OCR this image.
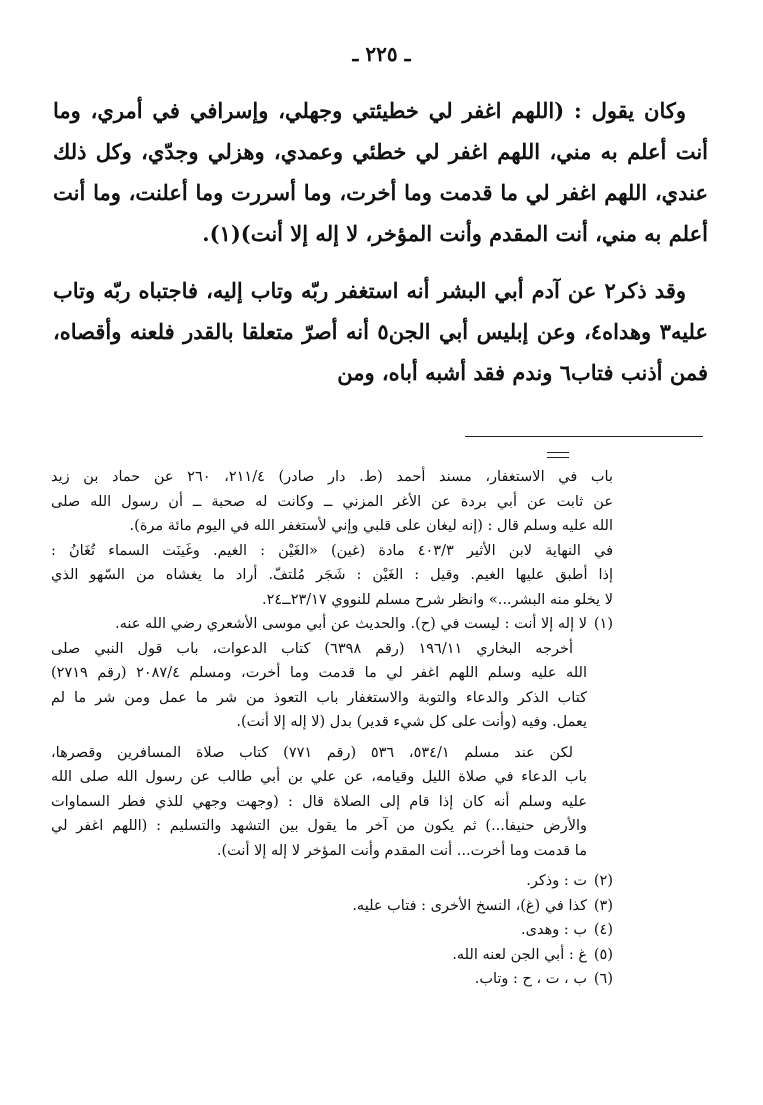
ـ ٢٢٥ ـ

وكان يقول : (اللهم اغفر لي خطيئتي وجهلي، وإسرافي في أمري، وما أنت أعلم به مني، اللهم اغفر لي خطئي وعمدي، وهزلي وجدّي، وكل ذلك عندي، اللهم اغفر لي ما قدمت وما أخرت، وما أسررت وما أعلنت، وما أنت أعلم به مني، أنت المقدم وأنت المؤخر، لا إله إلا أنت)(١).

وقد ذكر٢ عن آدم أبي البشر أنه استغفر ربّه وتاب إليه، فاجتباه ربّه وتاب عليه٣ وهداه٤، وعن إبليس أبي الجن٥ أنه أصرّ متعلقا بالقدر فلعنه وأقصاه، فمن أذنب فتاب٦ وندم فقد أشبه أباه، ومن

باب في الاستغفار، مسند أحمد (ط. دار صادر) ٢١١/٤، ٢٦٠ عن حماد بن زيد
عن ثابت عن أبي بردة عن الأغر المزني ــ وكانت له صحبة ــ أن رسول الله صلى
الله عليه وسلم قال : (إنه ليغان على قلبي وإني لأستغفر الله في اليوم مائة مرة).
في النهاية لابن الأثير ٤٠٣/٣ مادة (غين) «الغَيْن : الغيم. وغَينَت السماء تُغَانُ :
إذا أطبق عليها الغيم. وقيل : الغَيْن : شَجَر مُلتفّ. أراد ما يغشاه من السّهو الذي
لا يخلو منه البشر...» وانظر شرح مسلم للنووي ٢٣/١٧ــ٢٤.
(١)
لا إله إلا أنت : ليست في (ح). والحديث عن أبي موسى الأشعري رضي الله عنه.
أخرجه البخاري ١٩٦/١١ (رقم ٦٣٩٨) كتاب الدعوات، باب قول النبي صلى
الله عليه وسلم اللهم اغفر لي ما قدمت وما أخرت، ومسلم ٢٠٨٧/٤ (رقم ٢٧١٩)
كتاب الذكر والدعاء والتوبة والاستغفار باب التعوذ من شر ما عمل ومن شر ما لم
يعمل. وفيه (وأنت على كل شيء قدير) بدل (لا إله إلا أنت).
لكن عند مسلم ٥٣٤/١، ٥٣٦ (رقم ٧٧١) كتاب صلاة المسافرين وقصرها،
باب الدعاء في صلاة الليل وقيامه، عن علي بن أبي طالب عن رسول الله صلى الله
عليه وسلم أنه كان إذا قام إلى الصلاة قال : (وجهت وجهي للذي فطر السماوات
والأرض حنيفا...) ثم يكون من آخر ما يقول بين التشهد والتسليم : (اللهم اغفر لي
ما قدمت وما أخرت... أنت المقدم وأنت المؤخر لا إله إلا أنت).
(٢)
ت : وذكر.
(٣)
كذا في (غ)، النسخ الأخرى : فتاب عليه.
(٤)
ب : وهدى.
(٥)
غ : أبي الجن لعنه الله.
(٦)
ب ، ت ، ح : وتاب.
